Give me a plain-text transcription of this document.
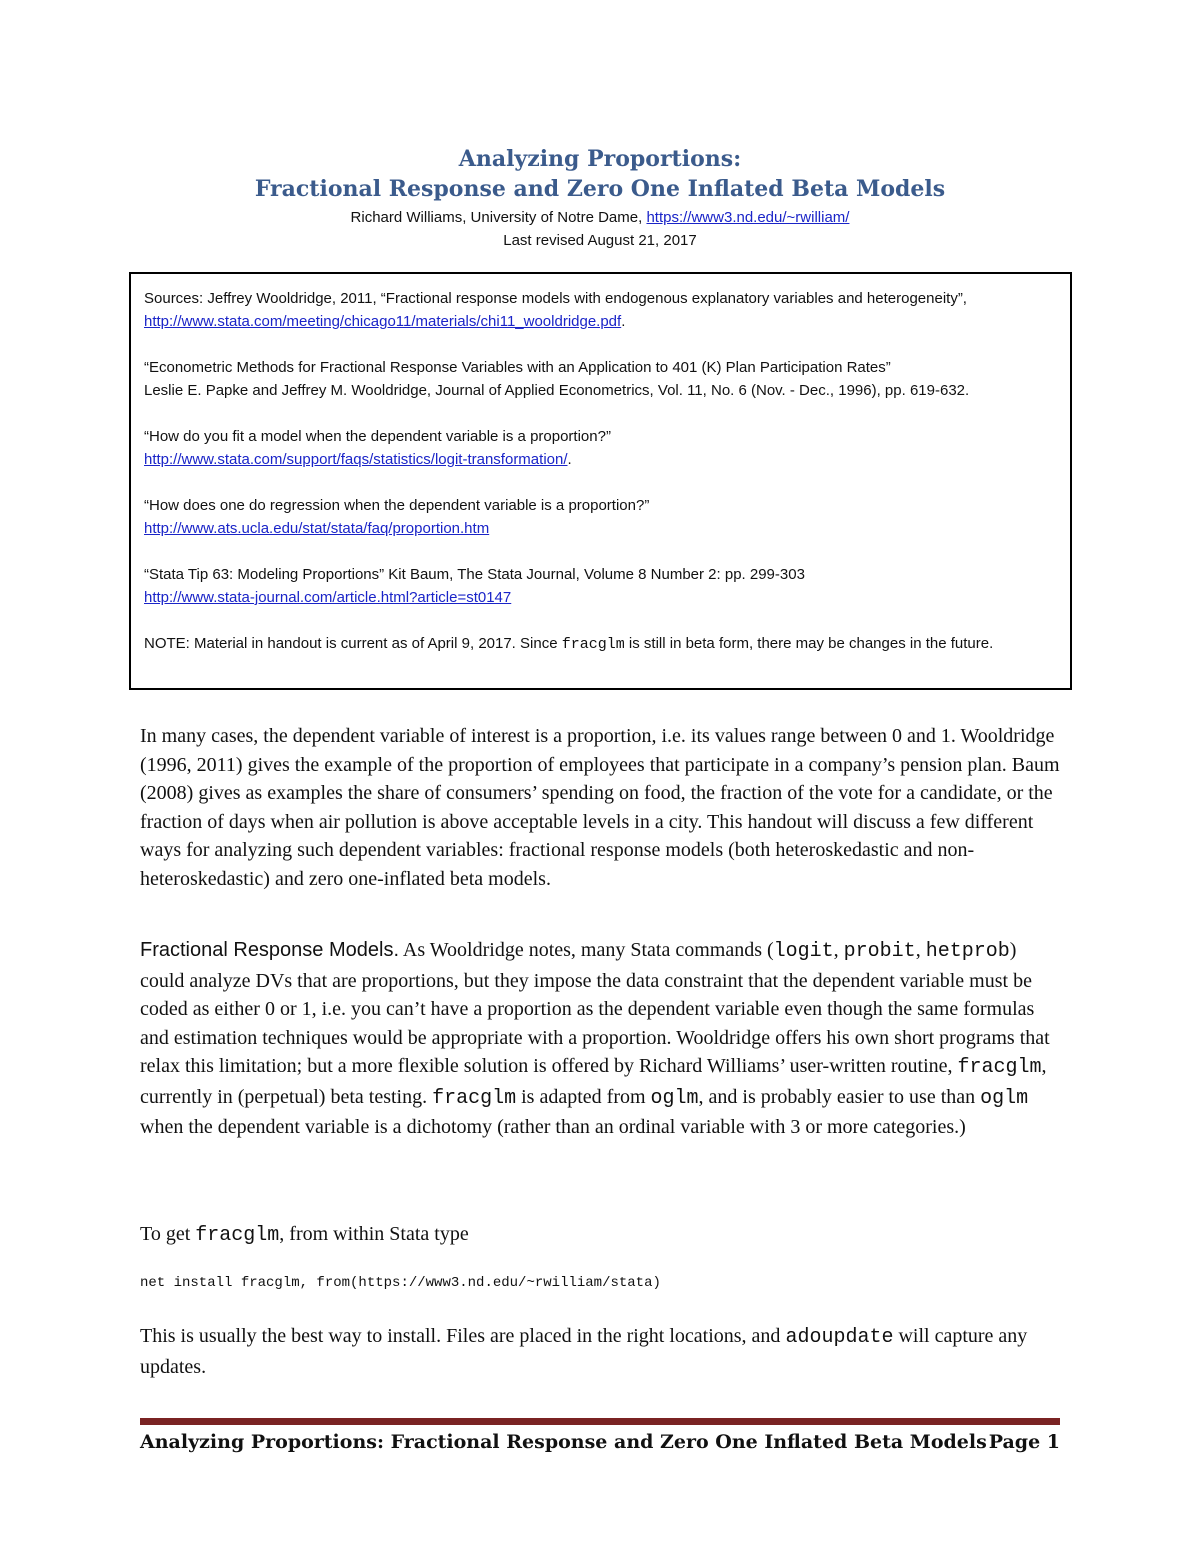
Analyzing Proportions:
Fractional Response and Zero One Inflated Beta Models
Richard Williams, University of Notre Dame, https://www3.nd.edu/~rwilliam/
Last revised August 21, 2017

Sources: Jeffrey Wooldridge, 2011, “Fractional response models with endogenous explanatory variables and heterogeneity”, http://www.stata.com/meeting/chicago11/materials/chi11_wooldridge.pdf.

“Econometric Methods for Fractional Response Variables with an Application to 401 (K) Plan Participation Rates”
Leslie E. Papke and Jeffrey M. Wooldridge, Journal of Applied Econometrics, Vol. 11, No. 6 (Nov. - Dec., 1996), pp. 619-632.

“How do you fit a model when the dependent variable is a proportion?”
http://www.stata.com/support/faqs/statistics/logit-transformation/.

“How does one do regression when the dependent variable is a proportion?”
http://www.ats.ucla.edu/stat/stata/faq/proportion.htm

“Stata Tip 63: Modeling Proportions” Kit Baum, The Stata Journal, Volume 8 Number 2: pp. 299-303
http://www.stata-journal.com/article.html?article=st0147

NOTE: Material in handout is current as of April 9, 2017. Since fracglm is still in beta form, there may be changes in the future.

In many cases, the dependent variable of interest is a proportion, i.e. its values range between 0 and 1. Wooldridge (1996, 2011) gives the example of the proportion of employees that participate in a company’s pension plan. Baum (2008) gives as examples the share of consumers’ spending on food, the fraction of the vote for a candidate, or the fraction of days when air pollution is above acceptable levels in a city. This handout will discuss a few different ways for analyzing such dependent variables: fractional response models (both heteroskedastic and non-heteroskedastic) and zero one-inflated beta models.

Fractional Response Models. As Wooldridge notes, many Stata commands (logit, probit, hetprob) could analyze DVs that are proportions, but they impose the data constraint that the dependent variable must be coded as either 0 or 1, i.e. you can’t have a proportion as the dependent variable even though the same formulas and estimation techniques would be appropriate with a proportion. Wooldridge offers his own short programs that relax this limitation; but a more flexible solution is offered by Richard Williams’ user-written routine, fracglm, currently in (perpetual) beta testing. fracglm is adapted from oglm, and is probably easier to use than oglm when the dependent variable is a dichotomy (rather than an ordinal variable with 3 or more categories.)

To get fracglm, from within Stata type

net install fracglm, from(https://www3.nd.edu/~rwilliam/stata)

This is usually the best way to install. Files are placed in the right locations, and adoupdate will capture any updates.

Analyzing Proportions: Fractional Response and Zero One Inflated Beta Models Page 1
